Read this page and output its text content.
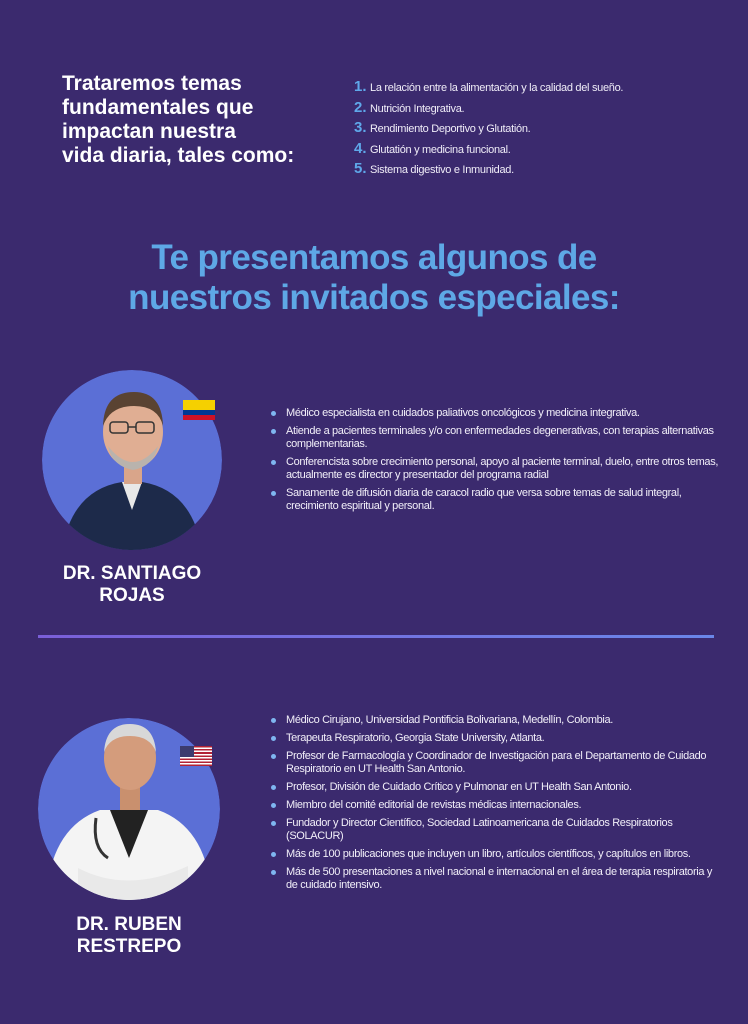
Trataremos temas
fundamentales que
impactan nuestra
vida diaria, tales como:
1. La relación entre la alimentación y la calidad del sueño.
2. Nutrición Integrativa.
3. Rendimiento Deportivo y Glutatión.
4. Glutatión y medicina funcional.
5. Sistema digestivo e Inmunidad.
Te presentamos algunos de
nuestros invitados especiales:
DR. SANTIAGO
ROJAS
Médico especialista en cuidados paliativos oncológicos y medicina integrativa.
Atiende a pacientes terminales y/o con enfermedades degenerativas, con terapias alternativas complementarias.
Conferencista sobre crecimiento personal, apoyo al paciente terminal, duelo, entre otros temas, actualmente es director y presentador del programa radial
Sanamente de difusión diaria de caracol radio que versa sobre temas de salud integral, crecimiento espiritual y personal.
DR. RUBEN
RESTREPO
Médico Cirujano, Universidad Pontificia Bolivariana, Medellín, Colombia.
Terapeuta Respiratorio, Georgia State University, Atlanta.
Profesor de Farmacología y Coordinador de Investigación para el Departamento de Cuidado Respiratorio en UT Health San Antonio.
Profesor, División de Cuidado Crítico y Pulmonar en UT Health San Antonio.
Miembro del comité editorial de revistas médicas internacionales.
Fundador y Director Científico, Sociedad Latinoamericana de Cuidados Respiratorios (SOLACUR)
Más de 100 publicaciones que incluyen un libro, artículos científicos, y capítulos en libros.
Más de 500 presentaciones a nivel nacional e internacional en el área de terapia respiratoria y de cuidado intensivo.
